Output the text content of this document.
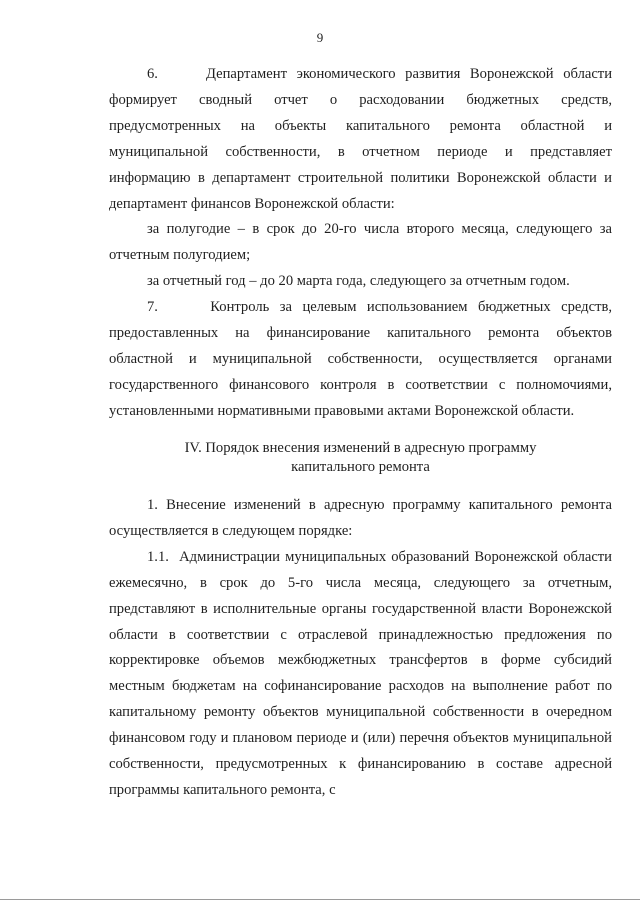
9

6.     Департамент экономического развития Воронежской области формирует сводный отчет о расходовании бюджетных средств, предусмотренных на объекты капитального ремонта областной и муниципальной собственности, в отчетном периоде и представляет информацию в департамент строительной политики Воронежской области и департамент финансов Воронежской области:

за полугодие – в срок до 20-го числа второго месяца, следующего за отчетным полугодием;

за отчетный год – до 20 марта года, следующего за отчетным годом.

7.     Контроль за целевым использованием бюджетных средств, предоставленных на финансирование капитального ремонта объектов областной и муниципальной собственности, осуществляется органами государственного финансового контроля в соответствии с полномочиями, установленными нормативными правовыми актами Воронежской области.

IV. Порядок внесения изменений в адресную программу
капитального ремонта

1. Внесение изменений в адресную программу капитального ремонта осуществляется в следующем порядке:

1.1.  Администрации муниципальных образований Воронежской области ежемесячно, в срок до 5-го числа месяца, следующего за отчетным, представляют в исполнительные органы государственной власти Воронежской области в соответствии с отраслевой принадлежностью предложения по корректировке объемов межбюджетных трансфертов в форме субсидий местным бюджетам на софинансирование расходов на выполнение работ по капитальному ремонту объектов муниципальной собственности в очередном финансовом году и плановом периоде и (или) перечня объектов муниципальной собственности, предусмотренных к финансированию в составе адресной программы капитального ремонта, с
